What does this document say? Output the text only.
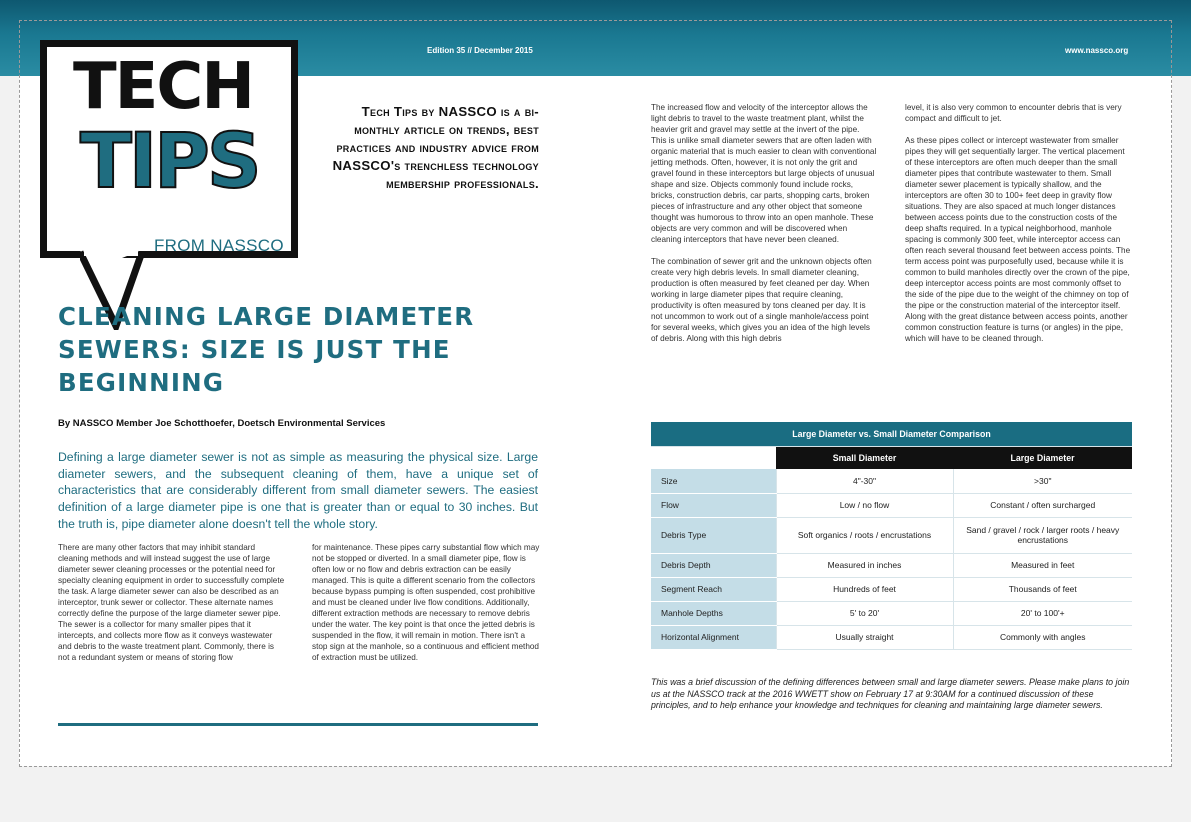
Edition 35 // December 2015	www.nassco.org
TECH
TIPS
FROM NASSCO

Tech Tips by NASSCO is a bi-monthly article on trends, best practices and industry advice from NASSCO's trenchless technology membership professionals.

CLEANING LARGE DIAMETER SEWERS: SIZE IS JUST THE BEGINNING

By NASSCO Member Joe Schotthoefer, Doetsch Environmental Services

Defining a large diameter sewer is not as simple as measuring the physical size. Large diameter sewers, and the subsequent cleaning of them, have a unique set of characteristics that are considerably different from small diameter sewers. The easiest definition of a large diameter pipe is one that is greater than or equal to 30 inches. But the truth is, pipe diameter alone doesn't tell the whole story.

There are many other factors that may inhibit standard cleaning methods and will instead suggest the use of large diameter sewer cleaning processes or the potential need for specialty cleaning equipment in order to successfully complete the task. A large diameter sewer can also be described as an interceptor, trunk sewer or collector. These alternate names correctly define the purpose of the large diameter sewer pipe. The sewer is a collector for many smaller pipes that it intercepts, and collects more flow as it conveys wastewater and debris to the waste treatment plant. Commonly, there is not a redundant system or means of storing flow

for maintenance. These pipes carry substantial flow which may not be stopped or diverted. In a small diameter pipe, flow is often low or no flow and debris extraction can be easily managed. This is quite a different scenario from the collectors because bypass pumping is often suspended, cost prohibitive and must be cleaned under live flow conditions. Additionally, different extraction methods are necessary to remove debris under the water. The key point is that once the jetted debris is suspended in the flow, it will remain in motion. There isn't a stop sign at the manhole, so a continuous and efficient method of extraction must be utilized.

The increased flow and velocity of the interceptor allows the light debris to travel to the waste treatment plant, whilst the heavier grit and gravel may settle at the invert of the pipe. This is unlike small diameter sewers that are often laden with organic material that is much easier to clean with conventional jetting methods. Often, however, it is not only the grit and gravel found in these interceptors but large objects of unusual shape and size. Objects commonly found include rocks, bricks, construction debris, car parts, shopping carts, broken pieces of infrastructure and any other object that someone thought was humorous to throw into an open manhole. These objects are very common and will be discovered when cleaning interceptors that have never been cleaned.

The combination of sewer grit and the unknown objects often create very high debris levels. In small diameter cleaning, production is often measured by feet cleaned per day. When working in large diameter pipes that require cleaning, productivity is often measured by tons cleaned per day. It is not uncommon to work out of a single manhole/access point for several weeks, which gives you an idea of the high levels of debris. Along with this high debris

level, it is also very common to encounter debris that is very compact and difficult to jet.

As these pipes collect or intercept wastewater from smaller pipes they will get sequentially larger. The vertical placement of these interceptors are often much deeper than the small diameter pipes that contribute wastewater to them. Small diameter sewer placement is typically shallow, and the interceptors are often 30 to 100+ feet deep in gravity flow situations. They are also spaced at much longer distances between access points due to the construction costs of the deep shafts required. In a typical neighborhood, manhole spacing is commonly 300 feet, while interceptor access can often reach several thousand feet between access points. The term access point was purposefully used, because while it is common to build manholes directly over the crown of the pipe, deep interceptor access points are most commonly offset to the side of the pipe due to the weight of the chimney on top of the pipe or the construction material of the interceptor itself. Along with the great distance between access points, another common construction feature is turns (or angles) in the pipe, which will have to be cleaned through.

Large Diameter vs. Small Diameter Comparison		
	Small Diameter	Large Diameter
Size	4"-30"	>30"
Flow	Low / no flow	Constant / often surcharged
Debris Type	Soft organics / roots / encrustations	Sand / gravel / rock / larger roots / heavy encrustations
Debris Depth	Measured in inches	Measured in feet
Segment Reach	Hundreds of feet	Thousands of feet
Manhole Depths	5' to 20'	20' to 100'+
Horizontal Alignment	Usually straight	Commonly with angles

This was a brief discussion of the defining differences between small and large diameter sewers. Please make plans to join us at the NASSCO track at the 2016 WWETT show on February 17 at 9:30AM for a continued discussion of these principles, and to help enhance your knowledge and techniques for cleaning and maintaining large diameter sewers.
